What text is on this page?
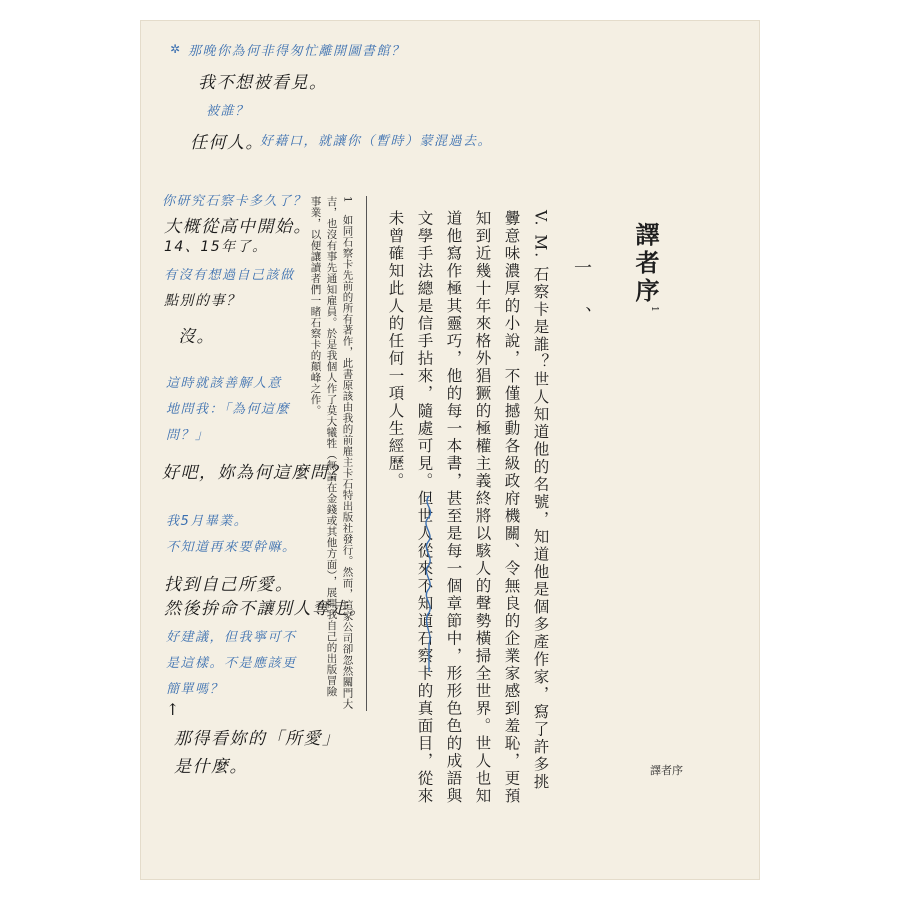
譯者序$^1$
一、
V. M. 石察卡是誰？世人知道他的名號，知道他是個多產作家，寫了許多挑
釁意味濃厚的小說，不僅撼動各級政府機關、令無良的企業家感到羞恥，更預
知到近幾十年來格外猖獗的極權主義終將以駭人的聲勢橫掃全世界。世人也知
道他寫作極其靈巧，他的每一本書，甚至是每一個章節中，形形色色的成語與
文學手法總是信手拈來，隨處可見。但世人從來不知道石察卡的真面目，從來
未曾確知此人的任何一項人生經歷。
1　如同石察卡先前的所有著作，此書原該由我的前雇主卡石特出版社發行。然而，這家公司卻忽然關門大
吉，也沒有事先通知雇員。於是我個人作了莫大犧牲（無論在金錢或其他方面），展開我自己的出版冒險
事業，以便讓讀者們一睹石察卡的顛峰之作。
譯者序
✲ 那晚你為何非得匆忙離開圖書館？
我不想被看見。
被誰？
任何人。
好藉口，就讓你（暫時）蒙混過去。
你研究石察卡多久了？
大概從高中開始。
14、15年了。
有沒有想過自己該做
點別的事？
沒。
這時就該善解人意
地問我：「為何這麼
問？」
好吧，妳為何這麼問？
我5月畢業。
不知道再來要幹嘛。
找到自己所愛。
然後拚命不讓別人奪走。
好建議，但我寧可不
是這樣。不是應該更
簡單嗎？
↑
那得看妳的「所愛」
是什麼。
